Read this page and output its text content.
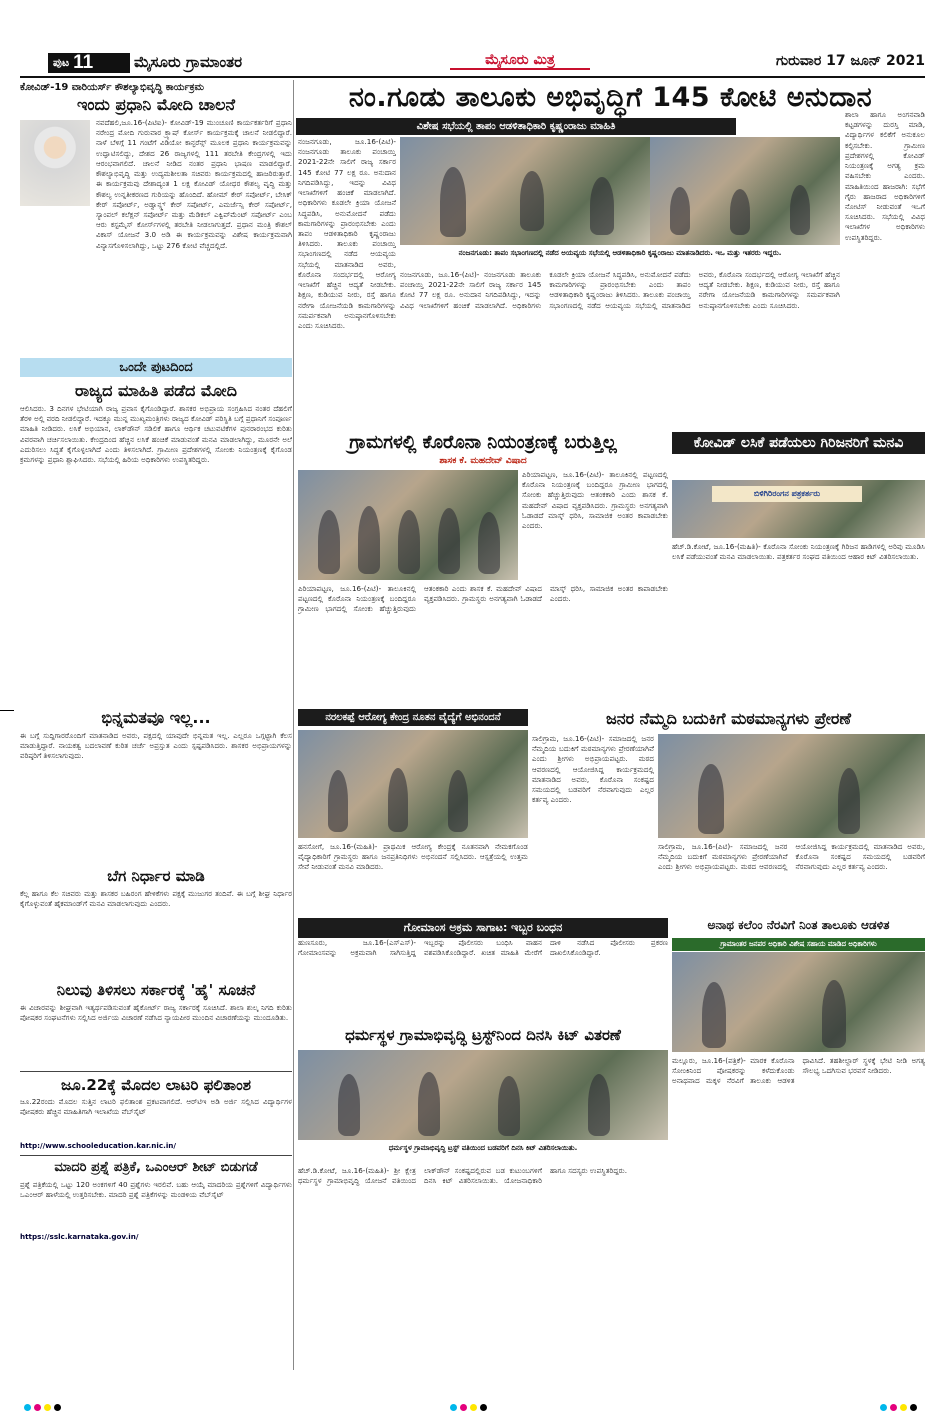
ಪುಟ 11	ಮೈಸೂರು ಗ್ರಾಮಾಂತರ	ಮೈಸೂರು ಮಿತ್ರ	ಗುರುವಾರ 17 ಜೂನ್ 2021
ಕೋವಿಡ್-19 ವಾರಿಯರ್ಸ್ ಕೌಶಲ್ಯಾಭಿವೃದ್ಧಿ ಕಾರ್ಯಕ್ರಮ
ಇಂದು ಪ್ರಧಾನಿ ಮೋದಿ ಚಾಲನೆ
ನವದೆಹಲಿ,ಜೂ.16-(ಪಿಟಿಐ)- ಕೋವಿಡ್-19 ಮುಂಚೂಣಿ ಕಾರ್ಯಕರ್ತರಿಗೆ ಪ್ರಧಾನಿ ನರೇಂದ್ರ ಮೋದಿ ಗುರುವಾರ ಕ್ರ್ಯಾಷ್ ಕೋರ್ಸ್ ಕಾರ್ಯಕ್ರಮಕ್ಕೆ ಚಾಲನೆ ನೀಡಲಿದ್ದಾರೆ. ನಾಳೆ ಬೆಳಿಗ್ಗೆ 11 ಗಂಟೆಗೆ ವಿಡಿಯೋ ಕಾನ್ಫರೆನ್ಸ್ ಮೂಲಕ ಪ್ರಧಾನಿ ಕಾರ್ಯಕ್ರಮವನ್ನು ಉದ್ಘಾಟಿಸಲಿದ್ದು, ದೇಶದ 26 ರಾಜ್ಯಗಳಲ್ಲಿ 111 ತರಬೇತಿ ಕೇಂದ್ರಗಳಲ್ಲಿ ಇದು ಆರಂಭವಾಗಲಿದೆ. ಚಾಲನೆ ನೀಡಿದ ನಂತರ ಪ್ರಧಾನಿ ಭಾಷಣ ಮಾಡಲಿದ್ದಾರೆ. ಕೌಶಲ್ಯಾಭಿವೃದ್ಧಿ ಮತ್ತು ಉದ್ಯಮಶೀಲತಾ ಸಚಿವರು ಕಾರ್ಯಕ್ರಮದಲ್ಲಿ ಹಾಜರಿರುತ್ತಾರೆ. ಈ ಕಾರ್ಯಕ್ರಮವು ದೇಶಾದ್ಯಂತ 1 ಲಕ್ಷ ಕೋವಿಡ್ ಯೋಧರ ಕೌಶಲ್ಯ ವೃದ್ಧಿ ಮತ್ತು ಕೌಶಲ್ಯ ಉನ್ನತೀಕರಣದ ಗುರಿಯನ್ನು ಹೊಂದಿದೆ. ಹೋಮ್ ಕೇರ್ ಸಪೋರ್ಟ್, ಬೇಸಿಕ್ ಕೇರ್ ಸಪೋರ್ಟ್, ಅಡ್ವಾನ್ಸ್ಡ್ ಕೇರ್ ಸಪೋರ್ಟ್, ಎಮರ್ಜೆನ್ಸಿ ಕೇರ್ ಸಪೋರ್ಟ್, ಸ್ಯಾಂಪಲ್ ಕಲೆಕ್ಷನ್ ಸಪೋರ್ಟ್ ಮತ್ತು ಮೆಡಿಕಲ್ ಎಕ್ವಿಪ್‌ಮೆಂಟ್ ಸಪೋರ್ಟ್ ಎಂಬ ಆರು ಕಸ್ಟಮೈಸ್ ಕೋರ್ಸ್‌ಗಳಲ್ಲಿ ತರಬೇತಿ ನೀಡಲಾಗುತ್ತದೆ. ಪ್ರಧಾನ ಮಂತ್ರಿ ಕೌಶಲ್ ವಿಕಾಸ್ ಯೋಜನೆ 3.0 ಅಡಿ ಈ ಕಾರ್ಯಕ್ರಮವನ್ನು ವಿಶೇಷ ಕಾರ್ಯಕ್ರಮವಾಗಿ ವಿನ್ಯಾಸಗೊಳಿಸಲಾಗಿದ್ದು, ಒಟ್ಟು 276 ಕೋಟಿ ವೆಚ್ಚದಲ್ಲಿದೆ.
ಒಂದೇ ಪುಟದಿಂದ
ರಾಜ್ಯದ ಮಾಹಿತಿ ಪಡೆದ ಮೋದಿ
ಆಲಿಸಿದರು. 3 ದಿನಗಳ ಭೇಟಿಯಾಗಿ ರಾಜ್ಯ ಪ್ರವಾಸ ಕೈಗೊಂಡಿದ್ದಾರೆ. ಶಾಸಕರ ಅಭಿಪ್ರಾಯ ಸಂಗ್ರಹಿಸಿದ ನಂತರ ದೆಹಲಿಗೆ ತೆರಳಿ ಅಲ್ಲಿ ವರದಿ ನೀಡಲಿದ್ದಾರೆ. ಇದಕ್ಕೂ ಮುನ್ನ ಮುಖ್ಯಮಂತ್ರಿಗಳು ರಾಜ್ಯದ ಕೋವಿಡ್ ಪರಿಸ್ಥಿತಿ ಬಗ್ಗೆ ಪ್ರಧಾನಿಗೆ ಸಂಪೂರ್ಣ ಮಾಹಿತಿ ನೀಡಿದರು. ಲಸಿಕೆ ಅಭಿಯಾನ, ಲಾಕ್‌ಡೌನ್ ಸಡಿಲಿಕೆ ಹಾಗೂ ಆರ್ಥಿಕ ಚಟುವಟಿಕೆಗಳ ಪುನರಾರಂಭದ ಕುರಿತು ವಿವರವಾಗಿ ಚರ್ಚಿಸಲಾಯಿತು. ಕೇಂದ್ರದಿಂದ ಹೆಚ್ಚಿನ ಲಸಿಕೆ ಹಂಚಿಕೆ ಮಾಡುವಂತೆ ಮನವಿ ಮಾಡಲಾಗಿದ್ದು, ಮೂರನೇ ಅಲೆ ಎದುರಿಸಲು ಸಿದ್ಧತೆ ಕೈಗೊಳ್ಳಲಾಗಿದೆ ಎಂದು ತಿಳಿಸಲಾಗಿದೆ. ಗ್ರಾಮೀಣ ಪ್ರದೇಶಗಳಲ್ಲಿ ಸೋಂಕು ನಿಯಂತ್ರಣಕ್ಕೆ ಕೈಗೊಂಡ ಕ್ರಮಗಳನ್ನು ಪ್ರಧಾನಿ ಶ್ಲಾಘಿಸಿದರು. ಸಭೆಯಲ್ಲಿ ಹಿರಿಯ ಅಧಿಕಾರಿಗಳು ಉಪಸ್ಥಿತರಿದ್ದರು.
ಭಿನ್ನಮತವೂ ಇಲ್ಲ...
ಈ ಬಗ್ಗೆ ಸುದ್ದಿಗಾರರೊಂದಿಗೆ ಮಾತನಾಡಿದ ಅವರು, ಪಕ್ಷದಲ್ಲಿ ಯಾವುದೇ ಭಿನ್ನಮತ ಇಲ್ಲ. ಎಲ್ಲರೂ ಒಗ್ಗಟ್ಟಾಗಿ ಕೆಲಸ ಮಾಡುತ್ತಿದ್ದಾರೆ. ನಾಯಕತ್ವ ಬದಲಾವಣೆ ಕುರಿತ ಚರ್ಚೆ ಅಪ್ರಸ್ತುತ ಎಂದು ಸ್ಪಷ್ಟಪಡಿಸಿದರು. ಶಾಸಕರ ಅಭಿಪ್ರಾಯಗಳನ್ನು ವರಿಷ್ಠರಿಗೆ ತಿಳಿಸಲಾಗುವುದು.
ಬೆಗ ನಿರ್ಧಾರ ಮಾಡಿ
ಕೆಲ್ಲ ಹಾಗೂ ಕೆಲ ಸಚಿವರು ಮತ್ತು ಶಾಸಕರ ಬಹಿರಂಗ ಹೇಳಿಕೆಗಳು ಪಕ್ಷಕ್ಕೆ ಮುಜುಗರ ತಂದಿವೆ. ಈ ಬಗ್ಗೆ ಶೀಘ್ರ ನಿರ್ಧಾರ ಕೈಗೊಳ್ಳುವಂತೆ ಹೈಕಮಾಂಡ್‌ಗೆ ಮನವಿ ಮಾಡಲಾಗುವುದು ಎಂದರು.
ನಿಲುವು ತಿಳಿಸಲು ಸರ್ಕಾರಕ್ಕೆ 'ಹೈ' ಸೂಚನೆ
ಈ ವಿಚಾರವನ್ನು ಶೀಘ್ರವಾಗಿ ಇತ್ಯರ್ಥಪಡಿಸುವಂತೆ ಹೈಕೋರ್ಟ್ ರಾಜ್ಯ ಸರ್ಕಾರಕ್ಕೆ ಸೂಚಿಸಿದೆ. ಶಾಲಾ ಶುಲ್ಕ ನಿಗದಿ ಕುರಿತು ಪೋಷಕರ ಸಂಘಟನೆಗಳು ಸಲ್ಲಿಸಿದ ಅರ್ಜಿಯ ವಿಚಾರಣೆ ನಡೆಸಿದ ನ್ಯಾಯಪೀಠ ಮುಂದಿನ ವಿಚಾರಣೆಯನ್ನು ಮುಂದೂಡಿತು.
ಜೂ.22ಕ್ಕೆ ಮೊದಲ ಲಾಟರಿ ಫಲಿತಾಂಶ
ಜೂ.22ರಂದು ಮೊದಲ ಸುತ್ತಿನ ಲಾಟರಿ ಫಲಿತಾಂಶ ಪ್ರಕಟವಾಗಲಿದೆ. ಆರ್‌ಟಿಇ ಅಡಿ ಅರ್ಜಿ ಸಲ್ಲಿಸಿದ ವಿದ್ಯಾರ್ಥಿಗಳ ಪೋಷಕರು ಹೆಚ್ಚಿನ ಮಾಹಿತಿಗಾಗಿ ಇಲಾಖೆಯ ವೆಬ್‌ಸೈಟ್
http://www.schooleducation.kar.nic.in/
ಮಾದರಿ ಪ್ರಶ್ನೆ ಪತ್ರಿಕೆ, ಒಎಂಆರ್ ಶೀಟ್ ಬಿಡುಗಡೆ
ಪ್ರಶ್ನೆ ಪತ್ರಿಕೆಯಲ್ಲಿ ಒಟ್ಟು 120 ಅಂಕಗಳಿಗೆ 40 ಪ್ರಶ್ನೆಗಳು ಇರಲಿವೆ. ಬಹು ಆಯ್ಕೆ ಮಾದರಿಯ ಪ್ರಶ್ನೆಗಳಿಗೆ ವಿದ್ಯಾರ್ಥಿಗಳು ಒಎಂಆರ್ ಹಾಳೆಯಲ್ಲಿ ಉತ್ತರಿಸಬೇಕು. ಮಾದರಿ ಪ್ರಶ್ನೆ ಪತ್ರಿಕೆಗಳನ್ನು ಮಂಡಳಿಯ ವೆಬ್‌ಸೈಟ್
https://sslc.karnataka.gov.in/
ನಂ.ಗೂಡು ತಾಲೂಕು ಅಭಿವೃದ್ಧಿಗೆ 145 ಕೋಟಿ ಅನುದಾನ
ವಿಶೇಷ ಸಭೆಯಲ್ಲಿ ತಾಪಂ ಆಡಳಿತಾಧಿಕಾರಿ ಕೃಷ್ಣಂರಾಜು ಮಾಹಿತಿ
ನಂಜನಗೂಡು: ತಾಪಂ ಸಭಾಂಗಣದಲ್ಲಿ ನಡೆದ ಅಯವ್ಯಯ ಸಭೆಯಲ್ಲಿ ಆಡಳಿತಾಧಿಕಾರಿ ಕೃಷ್ಣಂರಾಜು ಮಾತನಾಡಿದರು. ಇಒ ಮತ್ತು ಇತರರು ಇದ್ದರು.
ನಂಜನಗೂಡು, ಜೂ.16-(ಪಿಟಿ)- ನಂಜನಗೂಡು ತಾಲೂಕು ಪಂಚಾಯ್ತಿ 2021-22ನೇ ಸಾಲಿಗೆ ರಾಜ್ಯ ಸರ್ಕಾರ 145 ಕೋಟಿ 77 ಲಕ್ಷ ರೂ. ಅನುದಾನ ನಿಗದಿಪಡಿಸಿದ್ದು, ಇದನ್ನು ವಿವಿಧ ಇಲಾಖೆಗಳಿಗೆ ಹಂಚಿಕೆ ಮಾಡಲಾಗಿದೆ. ಅಧಿಕಾರಿಗಳು ಕೂಡಲೇ ಕ್ರಿಯಾ ಯೋಜನೆ ಸಿದ್ಧಪಡಿಸಿ, ಅನುಮೋದನೆ ಪಡೆದು ಕಾಮಗಾರಿಗಳನ್ನು ಪ್ರಾರಂಭಿಸಬೇಕು ಎಂದು ತಾಪಂ ಆಡಳಿತಾಧಿಕಾರಿ ಕೃಷ್ಣಂರಾಜು ತಿಳಿಸಿದರು. ತಾಲೂಕು ಪಂಚಾಯ್ತಿ ಸಭಾಂಗಣದಲ್ಲಿ ನಡೆದ ಆಯವ್ಯಯ ಸಭೆಯಲ್ಲಿ ಮಾತನಾಡಿದ ಅವರು, ಕೊರೊನಾ ಸಂದರ್ಭದಲ್ಲಿ ಆರೋಗ್ಯ ಇಲಾಖೆಗೆ ಹೆಚ್ಚಿನ ಆದ್ಯತೆ ನೀಡಬೇಕು. ಶಿಕ್ಷಣ, ಕುಡಿಯುವ ನೀರು, ರಸ್ತೆ ಹಾಗೂ ನರೇಗಾ ಯೋಜನೆಯಡಿ ಕಾಮಗಾರಿಗಳನ್ನು ಸಮರ್ಪಕವಾಗಿ ಅನುಷ್ಠಾನಗೊಳಿಸಬೇಕು ಎಂದು ಸೂಚಿಸಿದರು.
ನಂಜನಗೂಡು, ಜೂ.16-(ಪಿಟಿ)- ನಂಜನಗೂಡು ತಾಲೂಕು ಪಂಚಾಯ್ತಿ 2021-22ನೇ ಸಾಲಿಗೆ ರಾಜ್ಯ ಸರ್ಕಾರ 145 ಕೋಟಿ 77 ಲಕ್ಷ ರೂ. ಅನುದಾನ ನಿಗದಿಪಡಿಸಿದ್ದು, ಇದನ್ನು ವಿವಿಧ ಇಲಾಖೆಗಳಿಗೆ ಹಂಚಿಕೆ ಮಾಡಲಾಗಿದೆ. ಅಧಿಕಾರಿಗಳು ಕೂಡಲೇ ಕ್ರಿಯಾ ಯೋಜನೆ ಸಿದ್ಧಪಡಿಸಿ, ಅನುಮೋದನೆ ಪಡೆದು ಕಾಮಗಾರಿಗಳನ್ನು ಪ್ರಾರಂಭಿಸಬೇಕು ಎಂದು ತಾಪಂ ಆಡಳಿತಾಧಿಕಾರಿ ಕೃಷ್ಣಂರಾಜು ತಿಳಿಸಿದರು. ತಾಲೂಕು ಪಂಚಾಯ್ತಿ ಸಭಾಂಗಣದಲ್ಲಿ ನಡೆದ ಆಯವ್ಯಯ ಸಭೆಯಲ್ಲಿ ಮಾತನಾಡಿದ ಅವರು, ಕೊರೊನಾ ಸಂದರ್ಭದಲ್ಲಿ ಆರೋಗ್ಯ ಇಲಾಖೆಗೆ ಹೆಚ್ಚಿನ ಆದ್ಯತೆ ನೀಡಬೇಕು. ಶಿಕ್ಷಣ, ಕುಡಿಯುವ ನೀರು, ರಸ್ತೆ ಹಾಗೂ ನರೇಗಾ ಯೋಜನೆಯಡಿ ಕಾಮಗಾರಿಗಳನ್ನು ಸಮರ್ಪಕವಾಗಿ ಅನುಷ್ಠಾನಗೊಳಿಸಬೇಕು ಎಂದು ಸೂಚಿಸಿದರು.
ಶಾಲಾ ಹಾಗೂ ಅಂಗನವಾಡಿ ಕಟ್ಟಡಗಳನ್ನು ದುರಸ್ತಿ ಮಾಡಿ, ವಿದ್ಯಾರ್ಥಿಗಳ ಕಲಿಕೆಗೆ ಅನುಕೂಲ ಕಲ್ಪಿಸಬೇಕು. ಗ್ರಾಮೀಣ ಪ್ರದೇಶಗಳಲ್ಲಿ ಕೋವಿಡ್ ನಿಯಂತ್ರಣಕ್ಕೆ ಅಗತ್ಯ ಕ್ರಮ ವಹಿಸಬೇಕು ಎಂದರು. ಮಾಹಿತಿಯಿಂದ ಹಾಜರಾಗಿ: ಸಭೆಗೆ ಗೈರು ಹಾಜರಾದ ಅಧಿಕಾರಿಗಳಿಗೆ ನೋಟಿಸ್ ನೀಡುವಂತೆ ಇಒಗೆ ಸೂಚಿಸಿದರು. ಸಭೆಯಲ್ಲಿ ವಿವಿಧ ಇಲಾಖೆಗಳ ಅಧಿಕಾರಿಗಳು ಉಪಸ್ಥಿತರಿದ್ದರು.
ಗ್ರಾಮಗಳಲ್ಲಿ ಕೊರೊನಾ ನಿಯಂತ್ರಣಕ್ಕೆ ಬರುತ್ತಿಲ್ಲ
ಶಾಸಕ ಕೆ. ಮಹದೇವ್ ವಿಷಾದ
ಪಿರಿಯಾಪಟ್ಟಣ, ಜೂ.16-(ಪಿಟಿ)- ತಾಲೂಕಿನಲ್ಲಿ ಪಟ್ಟಣದಲ್ಲಿ ಕೊರೊನಾ ನಿಯಂತ್ರಣಕ್ಕೆ ಬಂದಿದ್ದರೂ ಗ್ರಾಮೀಣ ಭಾಗದಲ್ಲಿ ಸೋಂಕು ಹೆಚ್ಚುತ್ತಿರುವುದು ಆತಂಕಕಾರಿ ಎಂದು ಶಾಸಕ ಕೆ. ಮಹದೇವ್ ವಿಷಾದ ವ್ಯಕ್ತಪಡಿಸಿದರು. ಗ್ರಾಮಸ್ಥರು ಅನಗತ್ಯವಾಗಿ ಓಡಾಡದೆ ಮಾಸ್ಕ್ ಧರಿಸಿ, ಸಾಮಾಜಿಕ ಅಂತರ ಕಾಪಾಡಬೇಕು ಎಂದರು.
ಪಿರಿಯಾಪಟ್ಟಣ, ಜೂ.16-(ಪಿಟಿ)- ತಾಲೂಕಿನಲ್ಲಿ ಪಟ್ಟಣದಲ್ಲಿ ಕೊರೊನಾ ನಿಯಂತ್ರಣಕ್ಕೆ ಬಂದಿದ್ದರೂ ಗ್ರಾಮೀಣ ಭಾಗದಲ್ಲಿ ಸೋಂಕು ಹೆಚ್ಚುತ್ತಿರುವುದು ಆತಂಕಕಾರಿ ಎಂದು ಶಾಸಕ ಕೆ. ಮಹದೇವ್ ವಿಷಾದ ವ್ಯಕ್ತಪಡಿಸಿದರು. ಗ್ರಾಮಸ್ಥರು ಅನಗತ್ಯವಾಗಿ ಓಡಾಡದೆ ಮಾಸ್ಕ್ ಧರಿಸಿ, ಸಾಮಾಜಿಕ ಅಂತರ ಕಾಪಾಡಬೇಕು ಎಂದರು.
ಕೋವಿಡ್ ಲಸಿಕೆ ಪಡೆಯಲು ಗಿರಿಜನರಿಗೆ ಮನವಿ
ಬಿಳಿಗಿರಿರಂಗನ ಪತ್ರಕರ್ತರು
ಹೆಚ್.ಡಿ.ಕೋಟೆ, ಜೂ.16-(ಮಹಿತಿ)- ಕೊರೊನಾ ಸೋಂಕು ನಿಯಂತ್ರಣಕ್ಕೆ ಗಿರಿಜನ ಹಾಡಿಗಳಲ್ಲಿ ಅರಿವು ಮೂಡಿಸಿ ಲಸಿಕೆ ಪಡೆಯುವಂತೆ ಮನವಿ ಮಾಡಲಾಯಿತು. ಪತ್ರಕರ್ತರ ಸಂಘದ ವತಿಯಿಂದ ಆಹಾರ ಕಿಟ್ ವಿತರಿಸಲಾಯಿತು.
ನರಲಕಪ್ಪೆ ಆರೋಗ್ಯ ಕೇಂದ್ರ ನೂತನ ವೈದ್ಯೆಗೆ ಅಭಿನಂದನೆ
ಹನಸೋಗೆ, ಜೂ.16-(ಮಹಿತಿ)- ಪ್ರಾಥಮಿಕ ಆರೋಗ್ಯ ಕೇಂದ್ರಕ್ಕೆ ನೂತನವಾಗಿ ನೇಮಕಗೊಂಡ ವೈದ್ಯಾಧಿಕಾರಿಗೆ ಗ್ರಾಮಸ್ಥರು ಹಾಗೂ ಜನಪ್ರತಿನಿಧಿಗಳು ಅಭಿನಂದನೆ ಸಲ್ಲಿಸಿದರು. ಆಸ್ಪತ್ರೆಯಲ್ಲಿ ಉತ್ತಮ ಸೇವೆ ನೀಡುವಂತೆ ಮನವಿ ಮಾಡಿದರು.
ಜನರ ನೆಮ್ಮದಿ ಬದುಕಿಗೆ ಮಠಮಾನ್ಯಗಳು ಪ್ರೇರಣೆ
ಸಾಲಿಗ್ರಾಮ, ಜೂ.16-(ಪಿಟಿ)- ಸಮಾಜದಲ್ಲಿ ಜನರ ನೆಮ್ಮದಿಯ ಬದುಕಿಗೆ ಮಠಮಾನ್ಯಗಳು ಪ್ರೇರಣೆಯಾಗಿವೆ ಎಂದು ಶ್ರೀಗಳು ಅಭಿಪ್ರಾಯಪಟ್ಟರು. ಮಠದ ಆವರಣದಲ್ಲಿ ಆಯೋಜಿಸಿದ್ದ ಕಾರ್ಯಕ್ರಮದಲ್ಲಿ ಮಾತನಾಡಿದ ಅವರು, ಕೊರೊನಾ ಸಂಕಷ್ಟದ ಸಮಯದಲ್ಲಿ ಬಡವರಿಗೆ ನೆರವಾಗುವುದು ಎಲ್ಲರ ಕರ್ತವ್ಯ ಎಂದರು.
ಸಾಲಿಗ್ರಾಮ, ಜೂ.16-(ಪಿಟಿ)- ಸಮಾಜದಲ್ಲಿ ಜನರ ನೆಮ್ಮದಿಯ ಬದುಕಿಗೆ ಮಠಮಾನ್ಯಗಳು ಪ್ರೇರಣೆಯಾಗಿವೆ ಎಂದು ಶ್ರೀಗಳು ಅಭಿಪ್ರಾಯಪಟ್ಟರು. ಮಠದ ಆವರಣದಲ್ಲಿ ಆಯೋಜಿಸಿದ್ದ ಕಾರ್ಯಕ್ರಮದಲ್ಲಿ ಮಾತನಾಡಿದ ಅವರು, ಕೊರೊನಾ ಸಂಕಷ್ಟದ ಸಮಯದಲ್ಲಿ ಬಡವರಿಗೆ ನೆರವಾಗುವುದು ಎಲ್ಲರ ಕರ್ತವ್ಯ ಎಂದರು.
ಗೋಮಾಂಸ ಅಕ್ರಮ ಸಾಗಾಟ: ಇಬ್ಬರ ಬಂಧನ
ಹುಣಸೂರು, ಜೂ.16-(ಎಸ್‌ಎಸ್)- ಗೋಮಾಂಸವನ್ನು ಅಕ್ರಮವಾಗಿ ಸಾಗಿಸುತ್ತಿದ್ದ ಇಬ್ಬರನ್ನು ಪೊಲೀಸರು ಬಂಧಿಸಿ ವಾಹನ ವಶಪಡಿಸಿಕೊಂಡಿದ್ದಾರೆ. ಖಚಿತ ಮಾಹಿತಿ ಮೇರೆಗೆ ದಾಳಿ ನಡೆಸಿದ ಪೊಲೀಸರು ಪ್ರಕರಣ ದಾಖಲಿಸಿಕೊಂಡಿದ್ದಾರೆ.
ಅನಾಥ ಕಲೆಂಂ ನೆರವಿಗೆ ನಿಂತ ತಾಲೂಕು ಆಡಳಿತ
ಗ್ರಾಮಾಂತರ ಜನಪರ ಅಧಿಕಾರಿ ವಿಶೇಷ ಸಹಾಯ ಮಾಡಿದ ಅಧಿಕಾರಿಗಳು
ಮಲ್ಲೂರು, ಜೂ.16-(ಪತ್ರಿಕೆ)- ಮಾರಕ ಕೊರೊನಾ ಸೋಂಕಿನಿಂದ ಪೋಷಕರನ್ನು ಕಳೆದುಕೊಂಡು ಅನಾಥವಾದ ಮಕ್ಕಳ ನೆರವಿಗೆ ತಾಲೂಕು ಆಡಳಿತ ಧಾವಿಸಿದೆ. ತಹಶೀಲ್ದಾರ್ ಸ್ಥಳಕ್ಕೆ ಭೇಟಿ ನೀಡಿ ಅಗತ್ಯ ಸೌಲಭ್ಯ ಒದಗಿಸುವ ಭರವಸೆ ನೀಡಿದರು.
ಧರ್ಮಸ್ಥಳ ಗ್ರಾಮಾಭಿವೃದ್ಧಿ ಟ್ರಸ್ಟ್‌ನಿಂದ ದಿನಸಿ ಕಿಟ್ ವಿತರಣೆ
ಧರ್ಮಸ್ಥಳ ಗ್ರಾಮಾಭಿವೃದ್ಧಿ ಟ್ರಸ್ಟ್ ವತಿಯಿಂದ ಬಡವರಿಗೆ ದಿನಸಿ ಕಿಟ್ ವಿತರಿಸಲಾಯಿತು.
ಹೆಚ್.ಡಿ.ಕೋಟೆ, ಜೂ.16-(ಮಹಿತಿ)- ಶ್ರೀ ಕ್ಷೇತ್ರ ಧರ್ಮಸ್ಥಳ ಗ್ರಾಮಾಭಿವೃದ್ಧಿ ಯೋಜನೆ ವತಿಯಿಂದ ಲಾಕ್‌ಡೌನ್ ಸಂಕಷ್ಟದಲ್ಲಿರುವ ಬಡ ಕುಟುಂಬಗಳಿಗೆ ದಿನಸಿ ಕಿಟ್ ವಿತರಿಸಲಾಯಿತು. ಯೋಜನಾಧಿಕಾರಿ ಹಾಗೂ ಸದಸ್ಯರು ಉಪಸ್ಥಿತರಿದ್ದರು.
